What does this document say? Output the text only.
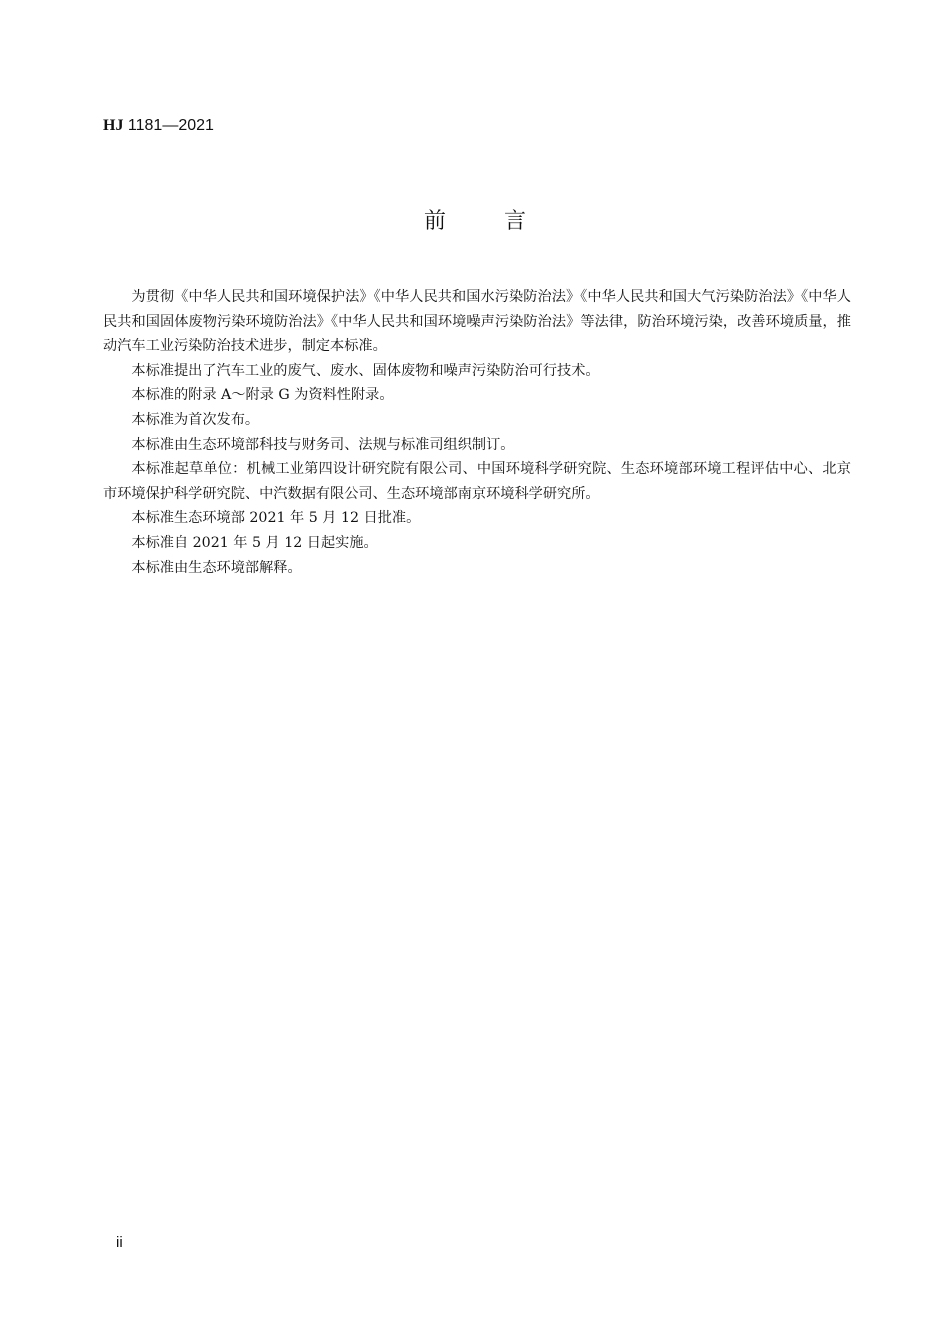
HJ 1181—2021
前言

为贯彻《中华人民共和国环境保护法》《中华人民共和国水污染防治法》《中华人民共和国大气污染防治法》《中华人民共和国固体废物污染环境防治法》《中华人民共和国环境噪声污染防治法》等法律，防治环境污染，改善环境质量，推动汽车工业污染防治技术进步，制定本标准。

本标准提出了汽车工业的废气、废水、固体废物和噪声污染防治可行技术。

本标准的附录 A～附录 G 为资料性附录。

本标准为首次发布。

本标准由生态环境部科技与财务司、法规与标准司组织制订。

本标准起草单位：机械工业第四设计研究院有限公司、中国环境科学研究院、生态环境部环境工程评估中心、北京市环境保护科学研究院、中汽数据有限公司、生态环境部南京环境科学研究所。

本标准生态环境部 2021 年 5 月 12 日批准。

本标准自 2021 年 5 月 12 日起实施。

本标准由生态环境部解释。

ii
